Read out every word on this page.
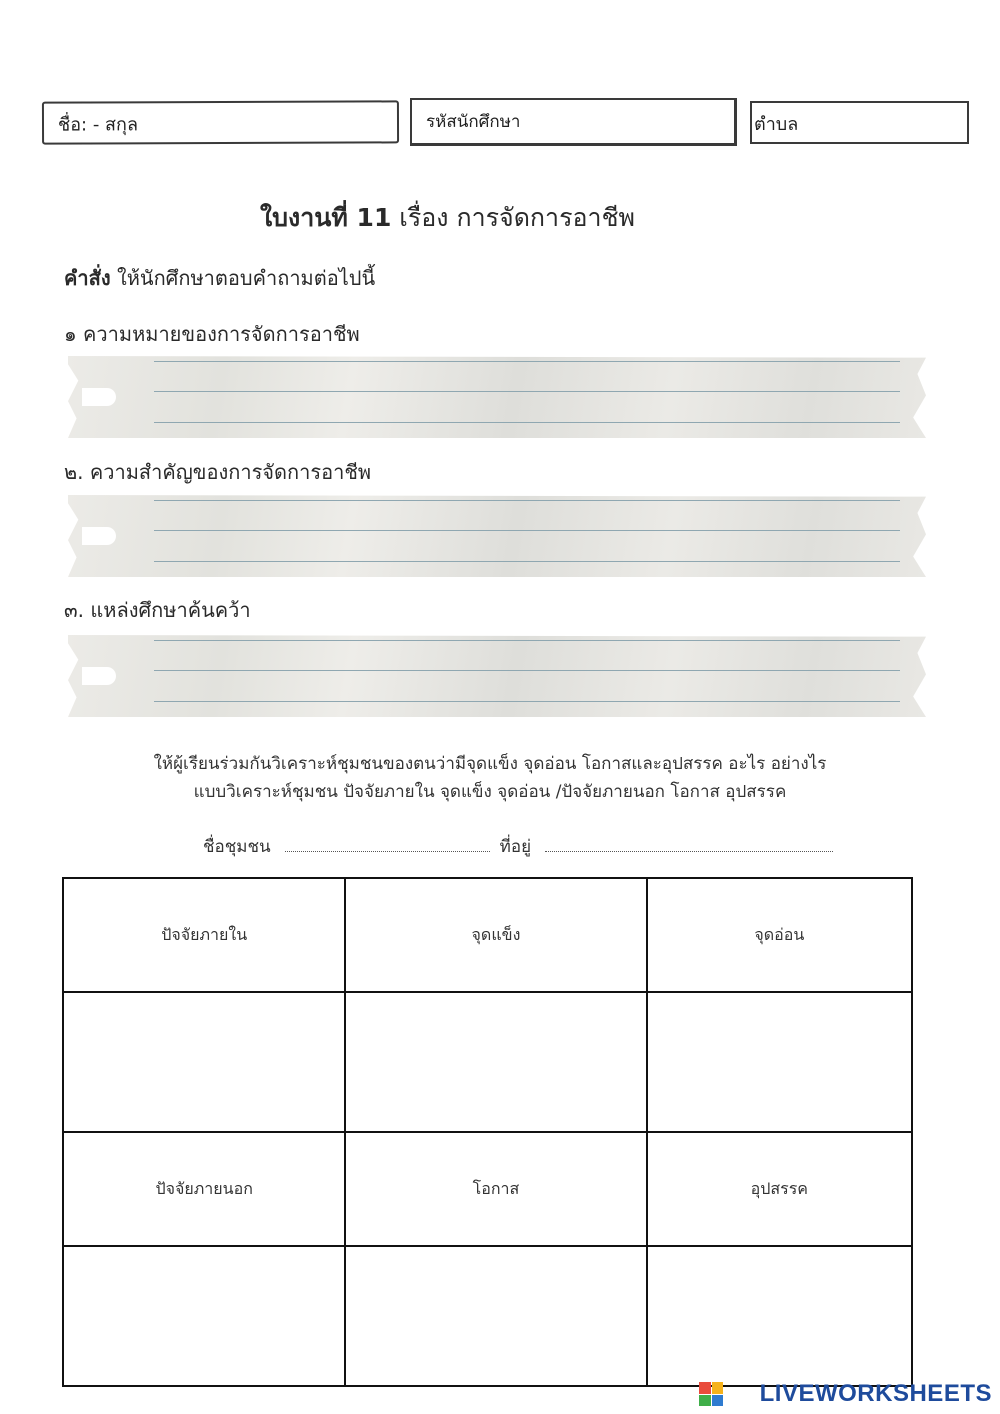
ชื่อ: - สกุล	รหัสนักศึกษา	ตำบล
ใบงานที่ 11 เรื่อง การจัดการอาชีพ
คำสั่ง ให้นักศึกษาตอบคำถามต่อไปนี้
๑ ความหมายของการจัดการอาชีพ
๒. ความสำคัญของการจัดการอาชีพ
๓. แหล่งศึกษาค้นคว้า
ให้ผู้เรียนร่วมกันวิเคราะห์ชุมชนของตนว่ามีจุดแข็ง จุดอ่อน โอกาสและอุปสรรค อะไร อย่างไร
แบบวิเคราะห์ชุมชน ปัจจัยภายใน จุดแข็ง จุดอ่อน /ปัจจัยภายนอก โอกาส อุปสรรค
ชื่อชุมชน	ที่อยู่
ปัจจัยภายใน	จุดแข็ง	จุดอ่อน

ปัจจัยภายนอก	โอกาส	อุปสรรค

LIVEWORKSHEETS
